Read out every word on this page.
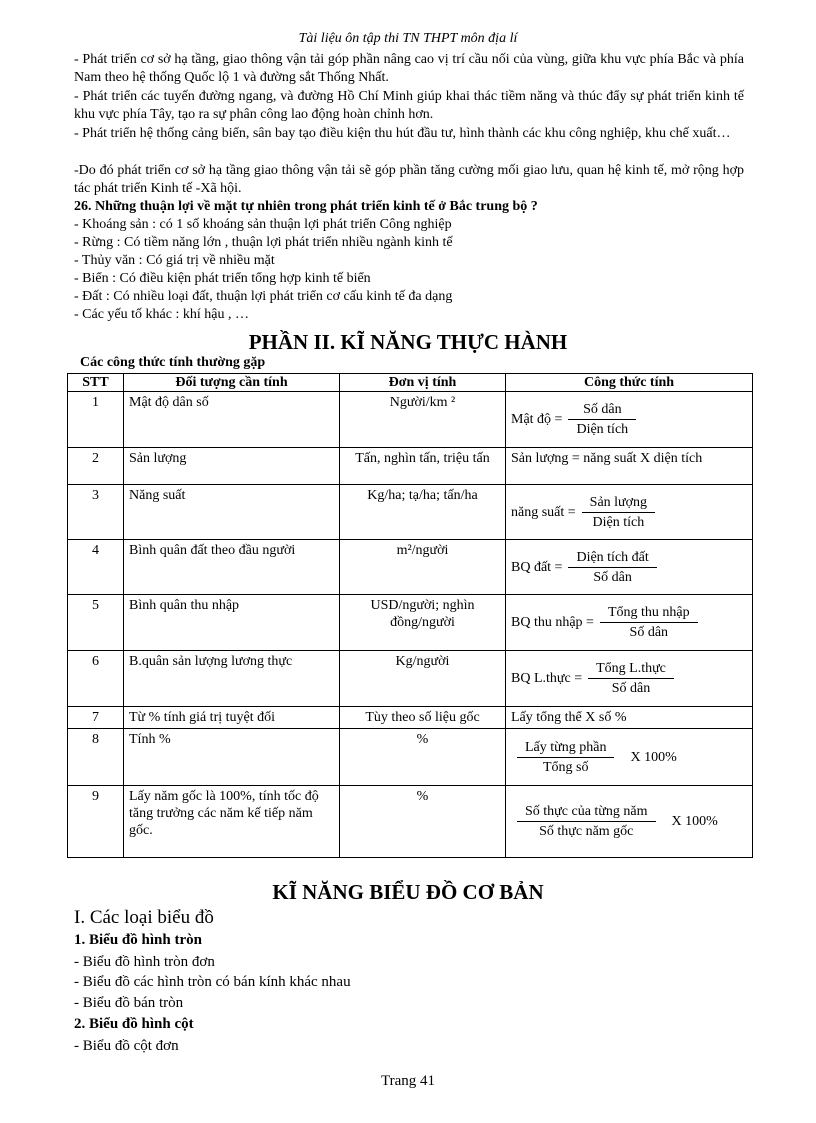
Tài liệu ôn tập thi TN THPT môn địa lí
- Phát triển cơ sở hạ tầng, giao thông vận tải góp phần nâng cao vị trí cầu nối của vùng, giữa khu vực phía Bắc và phía Nam theo hệ thống Quốc lộ 1 và đường sắt Thống Nhất.
- Phát triển các tuyến đường ngang, và đường Hồ Chí Minh giúp khai thác tiềm năng và thúc đẩy sự phát triển kinh tế khu vực phía Tây, tạo ra sự phân công lao động hoàn chỉnh hơn.
- Phát triển hệ thống cảng biển, sân bay tạo điều kiện thu hút đầu tư, hình thành các khu công nghiệp, khu chế xuất…
-Do đó phát triển cơ sở hạ tầng giao thông vận tải sẽ góp phần tăng cường mối giao lưu, quan hệ kinh tế, mở rộng hợp tác phát triển Kinh tế -Xã hội.
26. Những thuận lợi về mặt tự nhiên trong phát triển kinh tế ở Bắc trung bộ ?
- Khoáng sản : có 1 số khoáng sản thuận lợi phát triển Công nghiệp
- Rừng : Có tiềm năng lớn , thuận lợi phát triển nhiều ngành kinh tế
- Thủy văn : Có giá trị về nhiều mặt
- Biển : Có điều kiện phát triển tổng hợp kinh tế biển
- Đất : Có nhiều loại đất, thuận lợi phát triển cơ cấu kinh tế đa dạng
- Các yếu tố khác : khí hậu , …
PHẦN II. KĨ NĂNG THỰC HÀNH
Các công thức tính thường gặp
STT	Đối tượng cần tính	Đơn vị tính	Công thức tính
1	Mật độ dân số	Người/km ²	Mật độ = $\frac{\text{Số dân}}{\text{Diện tích}}$

2	Sản lượng	Tấn, nghìn tấn, triệu tấn	Sản lượng = năng suất X diện tích
3	Năng suất	Kg/ha; tạ/ha; tấn/ha	năng suất = $\frac{\text{Sản lượng}}{\text{Diện tích}}$

4	Bình quân đất theo đầu người	m²/người	BQ đất = $\frac{\text{Diện tích đất}}{\text{Số dân}}$

5	Bình quân thu nhập	USD/người; nghìn đồng/người	BQ thu nhập = $\frac{\text{Tổng thu nhập}}{\text{Số dân}}$

6	B.quân sản lượng lương thực	Kg/người	BQ L.thực = $\frac{\text{Tổng L.thực}}{\text{Số dân}}$

7	Từ % tính giá trị tuyệt đối	Tùy theo số liệu gốc	Lấy tổng thể X số %
8	Tính %	%	$\frac{\text{Lấy từng phần}}{\text{Tổng số}}$ X 100%

9	Lấy năm gốc là 100%, tính tốc độ tăng trưởng các năm kế tiếp năm gốc.	%	$\frac{\text{Số thực của từng năm}}{\text{Số thực năm gốc}}$ X 100%
KĨ NĂNG BIỂU ĐỒ CƠ BẢN
I. Các loại biểu đồ
1. Biểu đồ hình tròn
- Biểu đồ hình tròn đơn
- Biểu đồ các hình tròn có bán kính khác nhau
- Biểu đồ bán tròn
2. Biểu đồ hình cột
- Biểu đồ cột đơn
Trang 41
